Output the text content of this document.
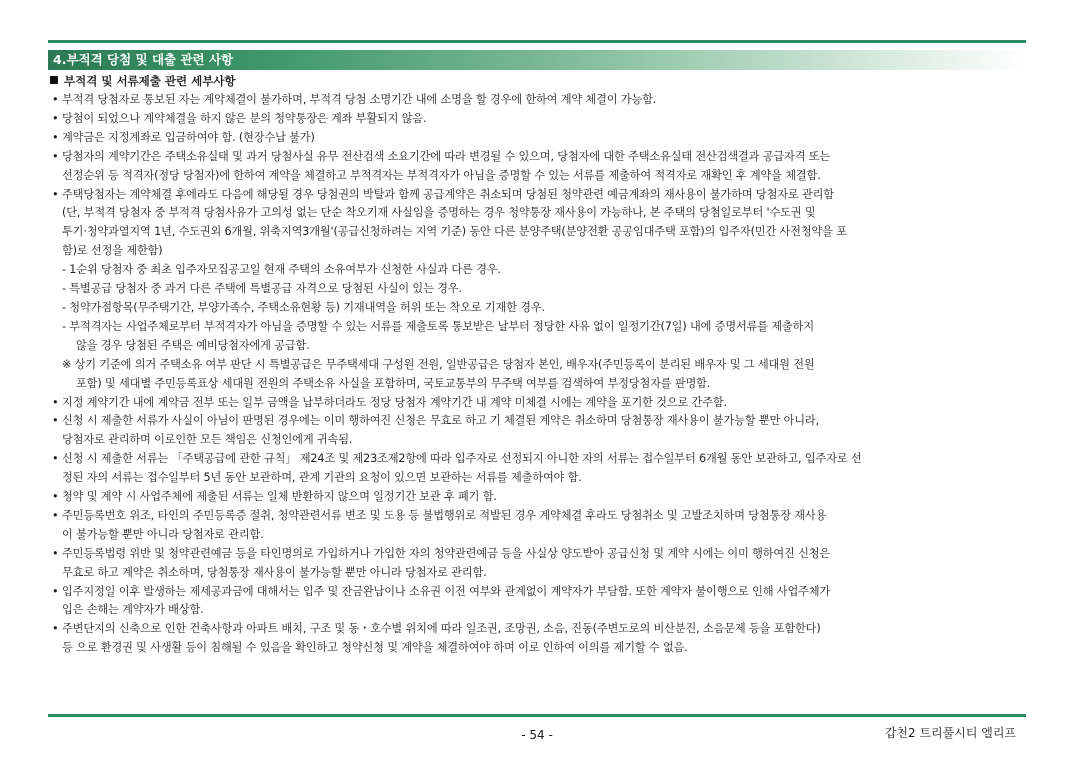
4.부적격 당첨 및 대출 관련 사항
부적격 및 서류제출 관련 세부사항
• 부적격 당첨자로 통보된 자는 계약체결이 불가하며, 부적격 당첨 소명기간 내에 소명을 할 경우에 한하여 계약 체결이 가능함.
• 당첨이 되었으나 계약체결을 하지 않은 분의 청약통장은 계좌 부활되지 않음.
• 계약금은 지정계좌로 입금하여야 함. (현장수납 불가)
• 당첨자의 계약기간은 주택소유실태 및 과거 당첨사실 유무 전산검색 소요기간에 따라 변경될 수 있으며, 당첨자에 대한 주택소유실태 전산검색결과 공급자격 또는
선정순위 등 적격자(정당 당첨자)에 한하여 계약을 체결하고 부적격자는 부적격자가 아님을 증명할 수 있는 서류를 제출하여 적격자로 재확인 후 계약을 체결함.
• 주택당첨자는 계약체결 후에라도 다음에 해당될 경우 당첨권의 박탈과 함께 공급계약은 취소되며 당첨된 청약관련 예금계좌의 재사용이 불가하며 당첨자로 관리함
(단, 부적격 당첨자 중 부적격 당첨사유가 고의성 없는 단순 착오기재 사실임을 증명하는 경우 청약통장 재사용이 가능하나, 본 주택의 당첨일로부터 '수도권 및
투기·청약과열지역 1년, 수도권외 6개월, 위축지역3개월'(공급신청하려는 지역 기준) 동안 다른 분양주택(분양전환 공공임대주택 포함)의 입주자(민간 사전청약을 포
함)로 선정을 제한함)
- 1순위 당첨자 중 최초 입주자모집공고일 현재 주택의 소유여부가 신청한 사실과 다른 경우.
- 특별공급 당첨자 중 과거 다른 주택에 특별공급 자격으로 당첨된 사실이 있는 경우.
- 청약가점항목(무주택기간, 부양가족수, 주택소유현황 등) 기재내역을 허위 또는 착오로 기재한 경우.
- 부적격자는 사업주체로부터 부적격자가 아님을 증명할 수 있는 서류를 제출토록 통보받은 날부터 정당한 사유 없이 일정기간(7일) 내에 증명서류를 제출하지
않을 경우 당첨된 주택은 예비당첨자에게 공급함.
※ 상기 기준에 의거 주택소유 여부 판단 시 특별공급은 무주택세대 구성원 전원, 일반공급은 당첨자 본인, 배우자(주민등록이 분리된 배우자 및 그 세대원 전원
포함) 및 세대별 주민등록표상 세대원 전원의 주택소유 사실을 포함하며, 국토교통부의 무주택 여부를 검색하여 부정당첨자를 판명함.
• 지정 계약기간 내에 계약금 전부 또는 일부 금액을 납부하더라도 정당 당첨자 계약기간 내 계약 미체결 시에는 계약을 포기한 것으로 간주함.
• 신청 시 제출한 서류가 사실이 아님이 판명된 경우에는 이미 행하여진 신청은 무효로 하고 기 체결된 계약은 취소하며 당첨통장 재사용이 불가능할 뿐만 아니라,
당첨자로 관리하며 이로인한 모든 책임은 신청인에게 귀속됨.
• 신청 시 제출한 서류는 「주택공급에 관한 규칙」 제24조 및 제23조제2항에 따라 입주자로 선정되지 아니한 자의 서류는 접수일부터 6개월 동안 보관하고, 입주자로 선
정된 자의 서류는 접수일부터 5년 동안 보관하며, 관계 기관의 요청이 있으면 보관하는 서류를 제출하여야 함.
• 청약 및 계약 시 사업주체에 제출된 서류는 일체 반환하지 않으며 일정기간 보관 후 폐기 함.
• 주민등록번호 위조, 타인의 주민등록증 절취, 청약관련서류 변조 및 도용 등 불법행위로 적발된 경우 계약체결 후라도 당첨취소 및 고발조치하며 당첨통장 재사용
이 불가능할 뿐만 아니라 당첨자로 관리함.
• 주민등록법령 위반 및 청약관련예금 등을 타인명의로 가입하거나 가입한 자의 청약관련예금 등을 사실상 양도받아 공급신청 및 계약 시에는 이미 행하여진 신청은
무효로 하고 계약은 취소하며, 당첨통장 재사용이 불가능할 뿐만 아니라 당첨자로 관리함.
• 입주지정일 이후 발생하는 제세공과금에 대해서는 입주 및 잔금완납이나 소유권 이전 여부와 관계없이 계약자가 부담함. 또한 계약자 불이행으로 인해 사업주체가
입은 손해는 계약자가 배상함.
• 주변단지의 신축으로 인한 건축사항과 아파트 배치, 구조 및 동・호수별 위치에 따라 일조권, 조망권, 소음, 진동(주변도로의 비산분진, 소음문제 등을 포함한다)
등 으로 환경권 및 사생활 등이 침해될 수 있음을 확인하고 청약신청 및 계약을 체결하여야 하며 이로 인하여 이의를 제기할 수 없음.
- 54 -	갑천2 트리풀시티 엘리프
